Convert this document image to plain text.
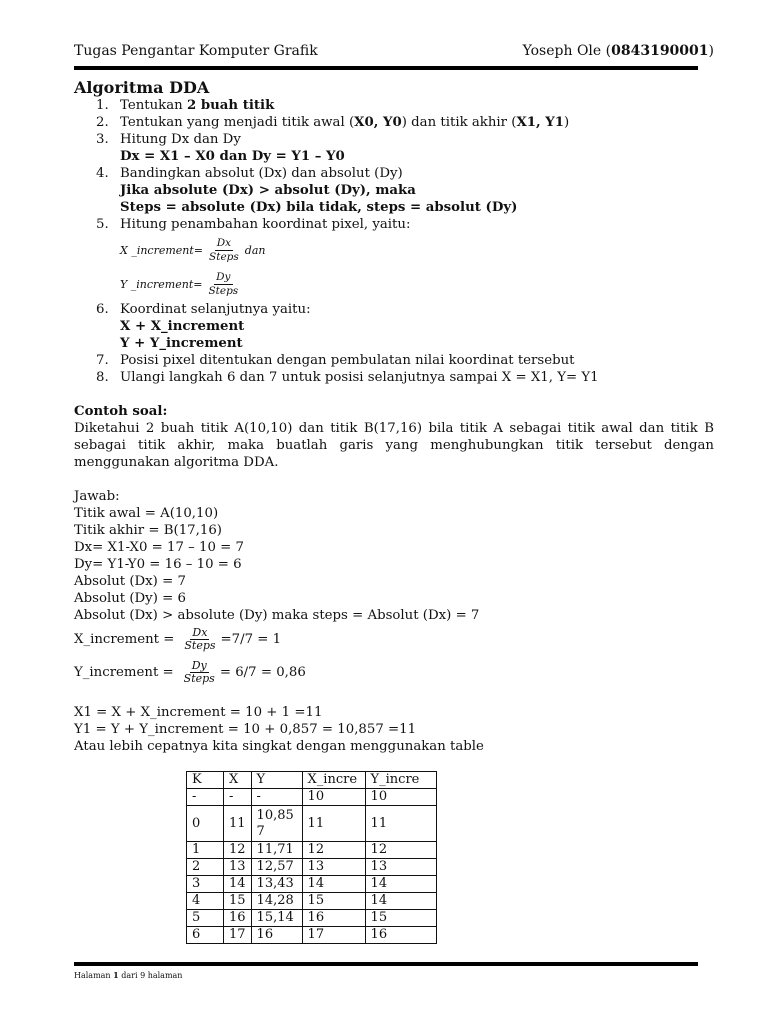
Tugas Pengantar Komputer Grafik	Yoseph Ole (0843190001)
Algoritma DDA
1. Tentukan 2 buah titik
2. Tentukan yang menjadi titik awal (X0, Y0) dan titik akhir (X1, Y1)
3. Hitung Dx dan Dy
Dx = X1 – X0 dan Dy = Y1 – Y0
4. Bandingkan absolut (Dx) dan absolut (Dy)
Jika absolute (Dx) > absolut (Dy), maka
Steps = absolute (Dx) bila tidak, steps = absolut (Dy)
5. Hitung penambahan koordinat pixel, yaitu:
X _increment= $\frac{Dx}{\text{Steps}}$ dan
Y _increment= $\frac{Dy}{\text{Steps}}$
6. Koordinat selanjutnya yaitu:
X + X_increment
Y + Y_increment
7. Posisi pixel ditentukan dengan pembulatan nilai koordinat tersebut
8. Ulangi langkah 6 dan 7 untuk posisi selanjutnya sampai X = X1, Y= Y1
Contoh soal:
Diketahui 2 buah titik A(10,10) dan titik B(17,16) bila titik A sebagai titik awal dan titik B sebagai titik akhir, maka buatlah garis yang menghubungkan titik tersebut dengan menggunakan algoritma DDA.
Jawab:
Titik awal = A(10,10)
Titik akhir = B(17,16)
Dx= X1-X0 = 17 – 10 = 7
Dy= Y1-Y0 = 16 – 10 = 6
Absolut (Dx) = 7
Absolut (Dy) = 6
Absolut (Dx) > absolute (Dy) maka steps = Absolut (Dx) = 7
X_increment = Dx
Steps =7/7 = 1
Y_increment = Dy
Steps = 6/7 = 0,86
X1 = X + X_increment = 10 + 1 =11
Y1 = Y + Y_increment = 10 + 0,857 = 10,857 =11
Atau lebih cepatnya kita singkat dengan menggunakan table
K	X	Y	X_incre	Y_incre
-	-	-	10	10
0	11	10,857	11	11
1	12	11,71	12	12
2	13	12,57	13	13
3	14	13,43	14	14
4	15	14,28	15	14
5	16	15,14	16	15
6	17	16	17	16
Halaman 1 dari 9 halaman
